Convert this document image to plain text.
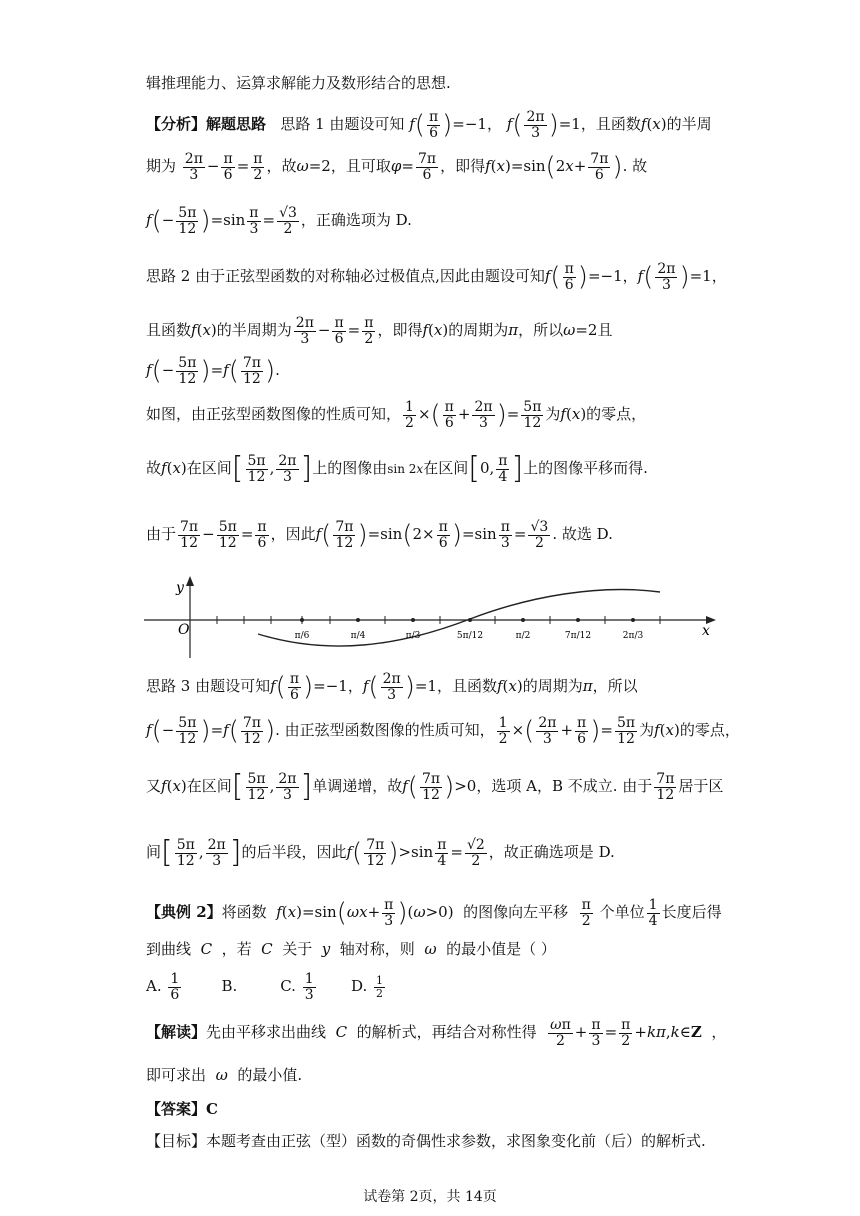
辑推理能力、运算求解能力及数形结合的思想.
【分析】解题思路 思路 1 由题设可知 $f( \frac{\pi}{6} )=-1$， $f( \frac{2\pi}{3} )=1$，且函数f(x)的半周
期为 $\frac{2\pi}{3} - \frac{\pi}{6} = \frac{\pi}{2}$ ，故ω=2，且可取$\varphi= \frac{7\pi}{6}$ ，即得$f(x)=\sin(2x+ \frac{7\pi}{6}$ ). 故
$f(- \frac{5\pi}{12} )=\sin \frac{\pi}{3} = \frac{√3}{2}$ ，正确选项为 D.
思路 2 由于正弦型函数的对称轴必过极值点,因此由题设可知$f( \frac{\pi}{6} )=-1$，$f( \frac{2\pi}{3} )=1$，
且函数f(x)的半周期为 $\frac{2\pi}{3} - \frac{\pi}{6} = \frac{\pi}{2}$ ，即得f(x)的周期为π，所以ω=2且
$f(- \frac{5\pi}{12} )=f( \frac{7\pi}{12}$ ).
如图，由正弦型函数图像的性质可知， $\frac{1}{2}$ ×( $\frac{\pi}{6} + \frac{2\pi}{3}$ )= $\frac{5\pi}{12}$ 为f(x)的零点，
故f(x)在区间[ $\frac{5\pi}{12}$ , $\frac{2\pi}{3}$ ]上的图像由sin 2x在区间[0, $\frac{\pi}{4}$ ]上的图像平移而得.
由于 $\frac{7\pi}{12} - \frac{5\pi}{12} = \frac{\pi}{6}$ ，因此$f( \frac{7\pi}{12} )=\sin(2\times \frac{\pi}{6} )=\sin \frac{\pi}{3} = \frac{√3}{2}$ . 故选 D.
y
x
O	π/6	π/4	π/3	5π/12	π/2	7π/12	2π/3
思路 3 由题设可知$f( \frac{\pi}{6} )=-1$，$f( \frac{2\pi}{3} )=1$，且函数f(x)的周期为π，所以
$f(- \frac{5\pi}{12} )=f( \frac{7\pi}{12}$ ). 由正弦型函数图像的性质可知， $\frac{1}{2}$ ×( $\frac{2\pi}{3} + \frac{\pi}{6}$ )= $\frac{5\pi}{12}$ 为f(x)的零点，
又f(x)在区间[ $\frac{5\pi}{12}$ , $\frac{2\pi}{3}$ ]单调递增，故$f( \frac{7\pi}{12} )>0$，选项 A，B 不成立. 由于 $\frac{7\pi}{12}$ 居于区
间[ $\frac{5\pi}{12}$ , $\frac{2\pi}{3}$ ]的后半段，因此$f( \frac{7\pi}{12} )>\sin \frac{\pi}{4} = \frac{√2}{2}$ ，故正确选项是 D.
【典例 2】将函数 $f(x)=\sin(\omega x+ \frac{\pi}{3} )(\omega>0)$  的图像向左平移 $\frac{\pi}{2}$ 个单位 $\frac{1}{4}$ 长度后得
到曲线 C ，若 C 关于 y 轴对称，则 ω 的最小值是（ ）
A. $\frac{1}{6}$	B.	C. $\frac{1}{3} D$. $\frac{1}{2}$
【解读】先由平移求出曲线 C 的解析式，再结合对称性得 $\frac{\omega\pi}{2} + \frac{\pi}{3} = \frac{\pi}{2}$ +kπ,k∈Z ，
即可求出 ω 的最小值.
【答案】C
【目标】本题考查由正弦（型）函数的奇偶性求参数，求图象变化前（后）的解析式.
试卷第 2页，共 14页
